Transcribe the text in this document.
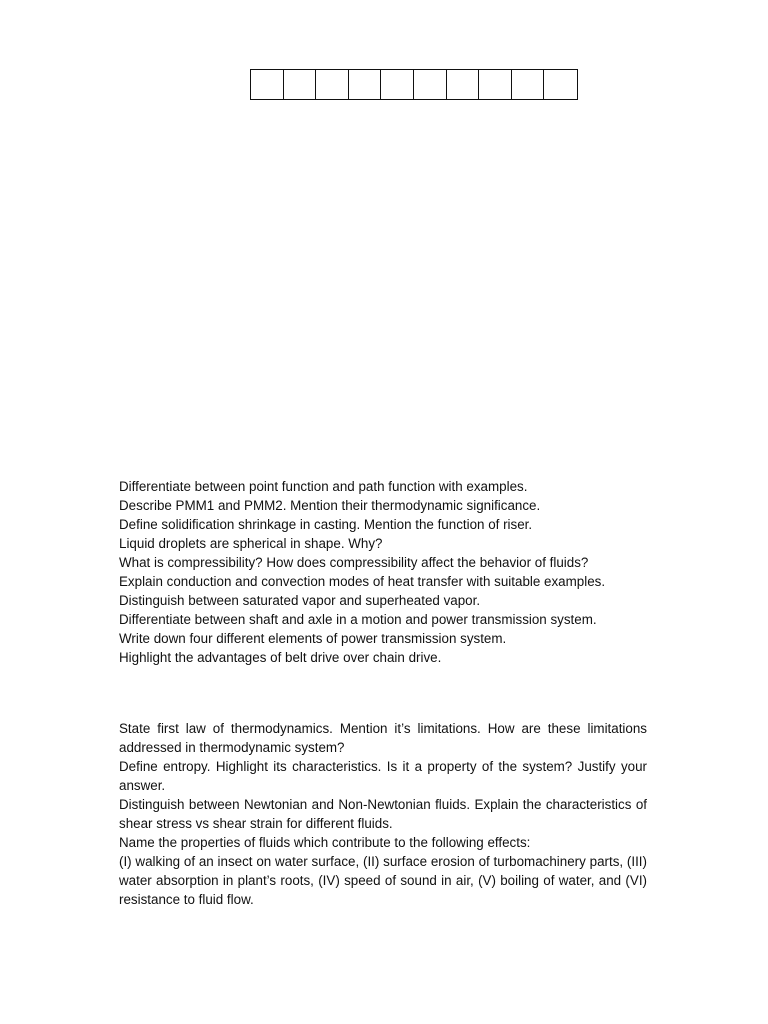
Differentiate between point function and path function with examples.
Describe PMM1 and PMM2. Mention their thermodynamic significance.
Define solidification shrinkage in casting. Mention the function of riser.
Liquid droplets are spherical in shape. Why?
What is compressibility? How does compressibility affect the behavior of fluids?
Explain conduction and convection modes of heat transfer with suitable examples.
Distinguish between saturated vapor and superheated vapor.
Differentiate between shaft and axle in a motion and power transmission system.
Write down four different elements of power transmission system.
Highlight the advantages of belt drive over chain drive.
State first law of thermodynamics. Mention it’s limitations. How are these limitations addressed in thermodynamic system?
Define entropy. Highlight its characteristics. Is it a property of the system? Justify your answer.
Distinguish between Newtonian and Non-Newtonian fluids. Explain the characteristics of shear stress vs shear strain for different fluids.
Name the properties of fluids which contribute to the following effects:
(I) walking of an insect on water surface, (II) surface erosion of turbomachinery parts, (III) water absorption in plant’s roots, (IV) speed of sound in air, (V) boiling of water, and (VI) resistance to fluid flow.
